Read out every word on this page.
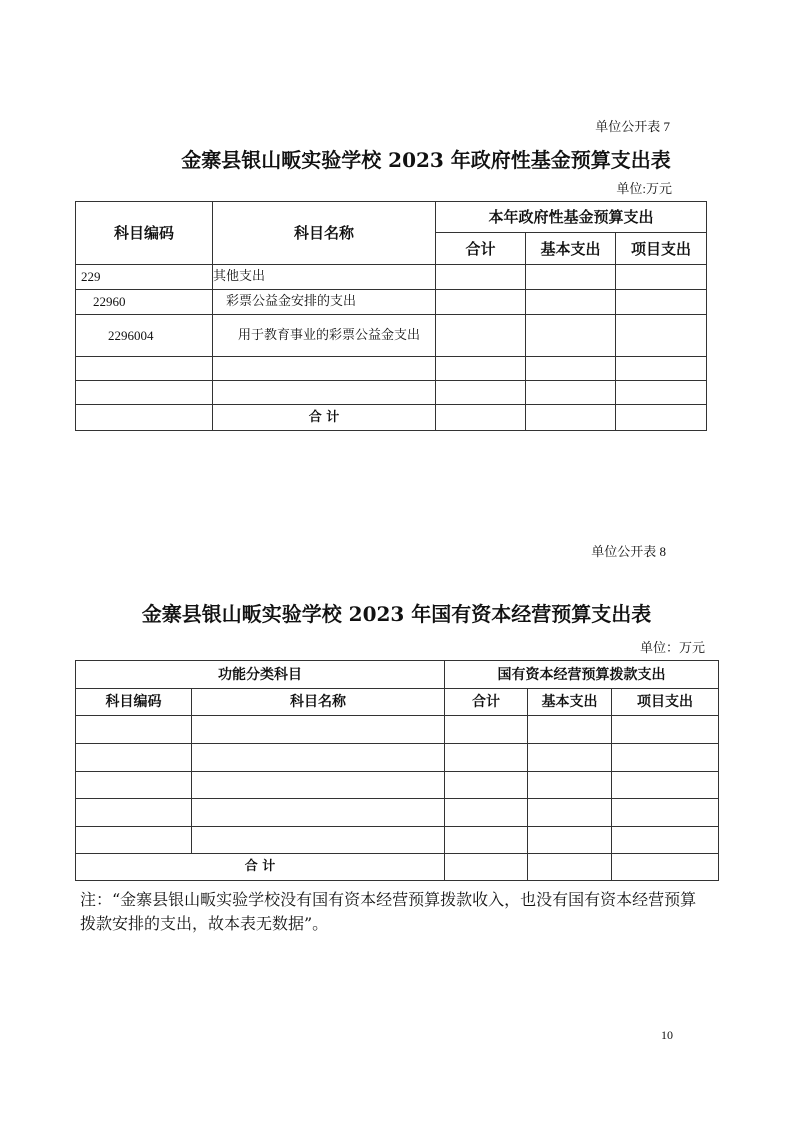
单位公开表 7
金寨县银山畈实验学校 2023 年政府性基金预算支出表
单位:万元
科目编码	科目名称	本年政府性基金预算支出		
		合计	基本支出	项目支出
229	其他支出			
22960	彩票公益金安排的支出			
2296004	用于教育事业的彩票公益金支出			

	合 计			
单位公开表 8
金寨县银山畈实验学校 2023 年国有资本经营预算支出表
单位：万元
功能分类科目		国有资本经营预算拨款支出		
科目编码	科目名称	合计	基本支出	项目支出

合 计				
注：“金寨县银山畈实验学校没有国有资本经营预算拨款收入，也没有国有资本经营预算拨款安排的支出，故本表无数据”。
10
